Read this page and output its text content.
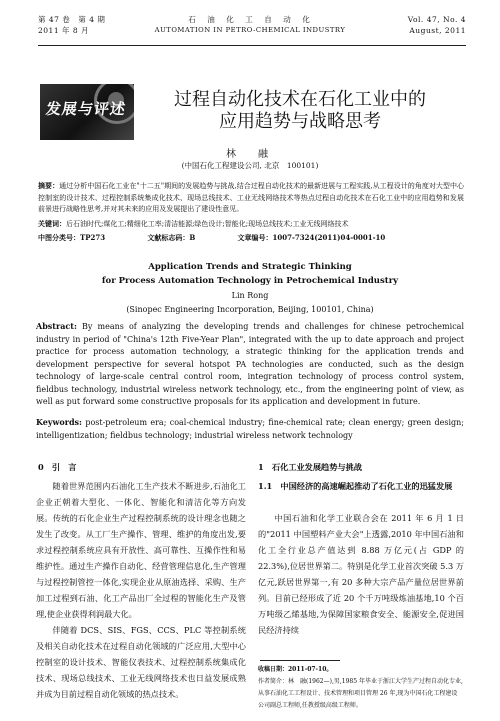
第 47 卷　第 4 期
2011 年 8 月
石　油　化　工　自　动　化
AUTOMATION IN PETRO-CHEMICAL INDUSTRY
Vol. 47, No. 4
August, 2011
发展与评述	过程自动化技术在石化工业中的
应用趋势与战略思考
林　融
(中国石化工程建设公司, 北京　100101)
摘要：通过分析中国石化工业在"十二五"期间的发展趋势与挑战,结合过程自动化技术的最新进展与工程实践,从工程设计的角度对大型中心控制室的设计技术、过程控制系统集成化技术、现场总线技术、工业无线网络技术等热点过程自动化技术在石化工业中的应用趋势和发展前景进行战略性思考,并对其未来的应用及发展提出了建设性意见。
关键词：后石油时代;煤化工;精细化工率;清洁能源;绿色设计;智能化;现场总线技术;工业无线网络技术
中图分类号：TP273	文献标志码：B	文章编号：1007-7324(2011)04-0001-10
Application Trends and Strategic Thinking
for Process Automation Technology in Petrochemical Industry
Lin Rong
(Sinopec Engineering Incorporation, Beijing, 100101, China)
Abstract: By means of analyzing the developing trends and challenges for chinese petrochemical industry in period of "China's 12th Five-Year Plan", integrated with the up to date approach and project practice for process automation technology, a strategic thinking for the application trends and development perspective for several hotspot PA technologies are conducted, such as the design technology of large-scale central control room, integration technology of process control system, fieldbus technology, industrial wireless network technology, etc., from the engineering point of view, as well as put forward some constructive proposals for its application and development in future.
Keywords: post-petroleum era; coal-chemical industry; fine-chemical rate; clean energy; green design; intelligentization; fieldbus technology; industrial wireless network technology
0　引　言
随着世界范围内石油化工生产技术不断进步,石油化工企业正朝着大型化、一体化、智能化和清洁化等方向发展。传统的石化企业生产过程控制系统的设计理念也随之发生了改变。从工厂生产操作、管理、维护的角度出发,要求过程控制系统应具有开放性、高可靠性、互操作性和易维护性。通过生产操作自动化、经营管理信息化,生产管理与过程控制管控一体化,实现企业从原油选择、采购、生产加工过程到石油、化工产品出厂全过程的智能化生产及管理,使企业获得利润最大化。
伴随着 DCS、SIS、FGS、CCS、PLC 等控制系统及相关自动化技术在过程自动化领域的广泛应用,大型中心控制室的设计技术、智能仪表技术、过程控制系统集成化技术、现场总线技术、工业无线网络技术也日益发展成熟并成为目前过程自动化领域的热点技术。
1　石化工业发展趋势与挑战
1.1　中国经济的高速崛起推动了石化工业的迅猛发展
中国石油和化学工业联合会在 2011 年 6 月 1 日的"2011 中国塑料产业大会"上透露,2010 年中国石油和化工全行业总产值达到 8.88 万亿元(占 GDP 的 22.3%),位居世界第二。特别是化学工业首次突破 5.3 万亿元,跃居世界第一,有 20 多种大宗产品产量位居世界前列。目前已经形成了近 20 个千万吨级炼油基地,10 个百万吨级乙烯基地,为保障国家粮食安全、能源安全,促进国民经济持续
收稿日期：2011-07-10。
作者简介：林　融(1962—),男,1985 年毕业于浙江大学生产过程自动化专业,从事石油化工工程设计、技术管理和项目管理 26 年,现为中国石化工程建设公司副总工程师,任教授级高级工程师。
